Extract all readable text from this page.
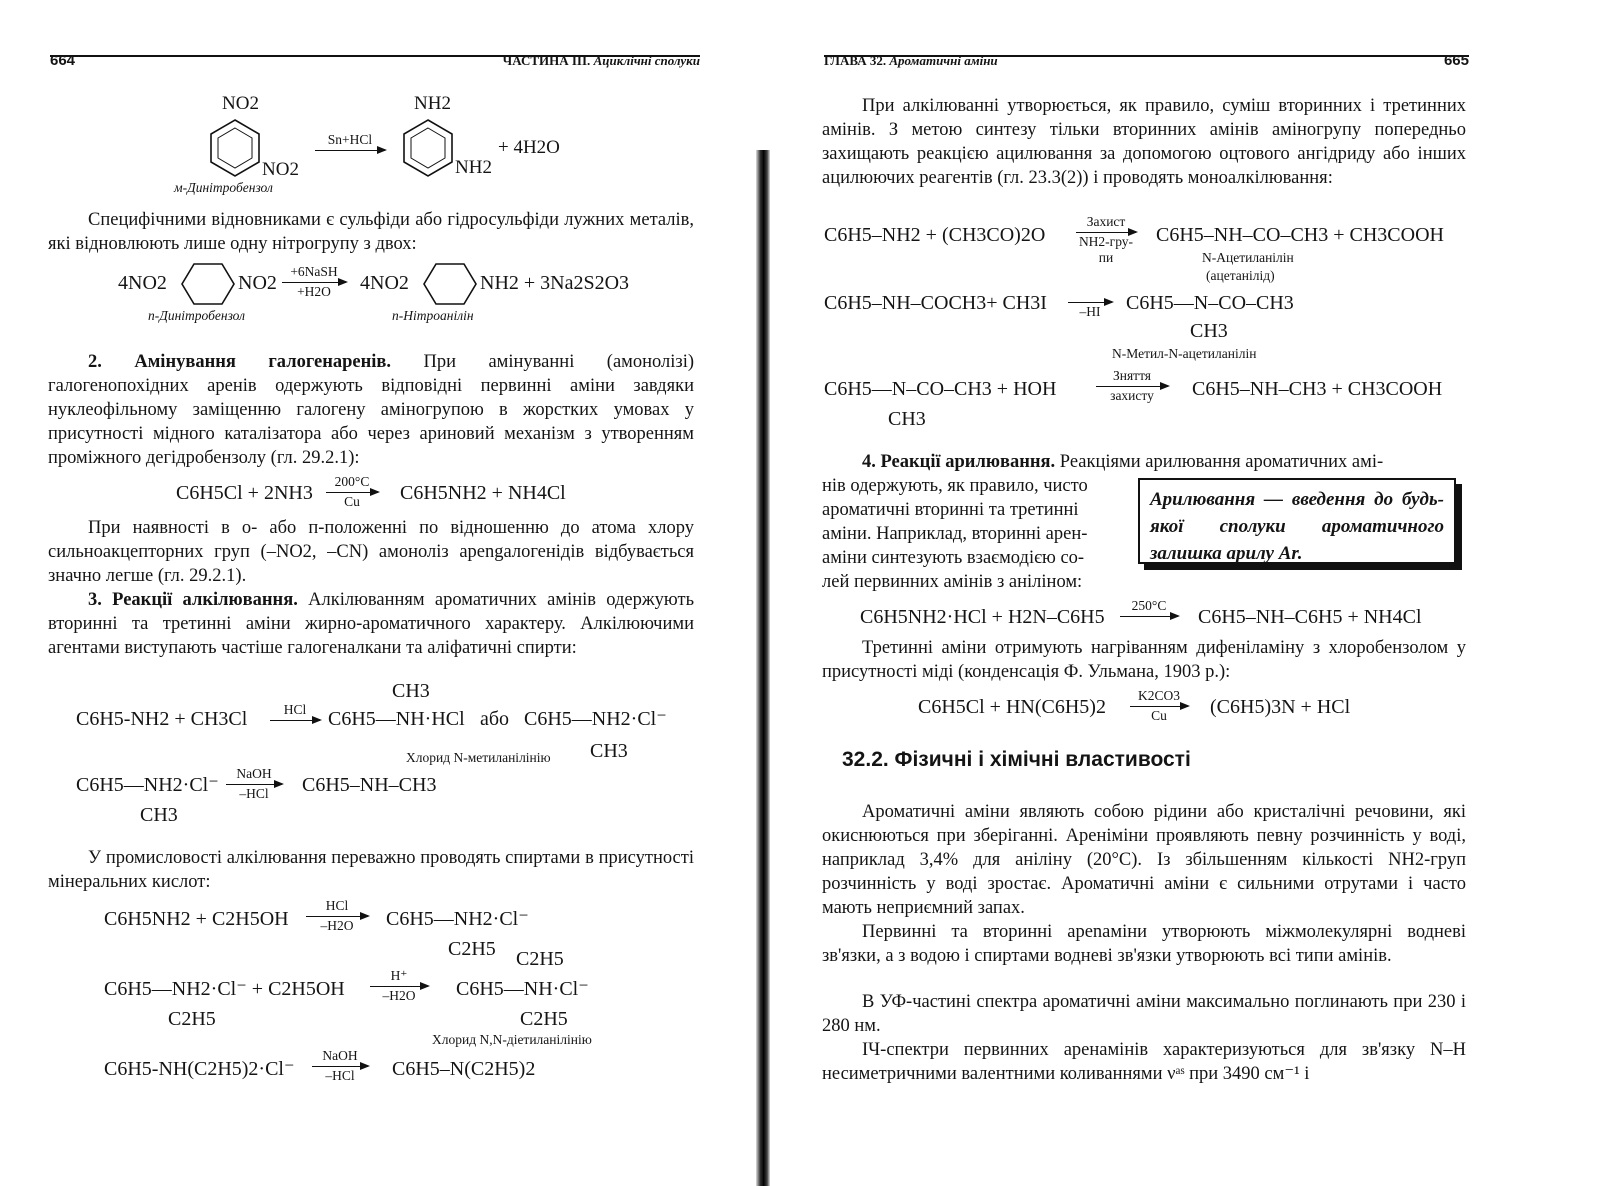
664	ЧАСТИНА III. Ациклічні сполуки
NO2
NO2
м-Динітробензол
Sn+HCl
NH2
NH2
+ 4H2O
Специфічними відновниками є сульфіди або гідросульфіди лужних металів, які відновлюють лише одну нітрогрупу з двох:
4NO2	NO2
+6NaSH
+H2O	4NO2	NH2 + 3Na2S2O3
п-Динітробензол	п-Нітроанілін
2. Амінування галогенаренів. При амінуванні (амонолізі) галогенопохідних аренів одержують відповідні первинні аміни завдяки нуклеофільному заміщенню галогену аміногрупою в жорстких умовах у присутності мідного каталізатора або через ариновий механізм з утворенням проміжного дегідробензолу (гл. 29.2.1):
C6H5Cl + 2NH3
200°C
Cu	C6H5NH2 + NH4Cl
При наявності в о- або п-положенні по відношенню до атома хлору сильноакцепторних груп (–NO2, –CN) амоноліз арengалогенідів відбувається значно легше (гл. 29.2.1).
3. Реакції алкілювання. Алкілюванням ароматичних амінів одержують вторинні та третинні аміни жирно-ароматичного характеру. Алкілюючими агентами виступають частіше галогеналкани та аліфатичні спирти:
CH3
C6H5-NH2 + CH3Cl	HCl → C6H5—NH·HCl або C6H5—NH2·Cl⁻
CH3
Хлорид N-метиланілінію
C6H5—NH2·Cl⁻
CH3
NaOH
–HCl	C6H5–NH–CH3
У промисловості алкілювання переважно проводять спиртами в присутності мінеральних кислот:
C6H5NH2 + C2H5OH
HCl
–H2O	C6H5—NH2·Cl⁻
C2H5 C2H5
C6H5—NH2·Cl⁻ + C2H5OH
C2H5
H⁺
–H2O	C6H5—NH·Cl⁻
C2H5
Хлорид N,N-діетиланілінію
C6H5-NH(C2H5)2·Cl⁻
NaOH
–HCl	C6H5–N(C2H5)2
ГЛАВА 32. Ароматичні аміни	665
При алкілюванні утворюється, як правило, суміш вторинних і третинних амінів. З метою синтезу тільки вторинних амінів аміногрупу попередньо захищають реакцією ацилювання за допомогою оцтового ангідриду або інших ацилюючих реагентів (гл. 23.3(2)) і проводять моноалкілювання:
C6H5–NH2 + (CH3CO)2O
Захист
NH2-гру-
пи
C6H5–NH–CO–CH3 + CH3COOH
N-Ацетиланілін
(ацетанілід)
C6H5–NH–COCH3+ CH3I →
–HI	C6H5—N–CO–CH3
CH3
N-Метил-N-ацетиланілін
C6H5—N–CO–CH3 + HOH
CH3
Зняття
захисту	C6H5–NH–CH3 + CH3COOH
4. Реакції арилювання. Реакціями арилювання ароматичних амі-
нів одержують, як правило, чисто
ароматичні вторинні та третинні
аміни. Наприклад, вторинні арен-
аміни синтезують взаємодією со-
лей первинних амінів з аніліном:
Арилювання — введення до будь-якої сполуки ароматичного залишка арилу Ar.
C6H5NH2·HCl + H2N–C6H5
250°C
→ C6H5–NH–C6H5 + NH4Cl
Третинні аміни отримують нагріванням дифеніламіну з хлоробензолом у присутності міді (конденсація Ф. Ульмана, 1903 р.):
C6H5Cl + HN(C6H5)2
K2CO3
Cu	(C6H5)3N + HCl
32.2. Фізичні і хімічні властивості
Ароматичні аміни являють собою рідини або кристалічні речовини, які окиснюються при зберіганні. Ареніміни проявляють певну розчинність у воді, наприклад 3,4% для аніліну (20°С). Із збільшенням кількості NH2-груп розчинність у воді зростає. Ароматичні аміни є сильними отрутами і часто мають неприємний запах.
Первинні та вторинні ареnаміни утворюють міжмолекулярні водневі зв'язки, а з водою і спиртами водневі зв'язки утворюють всі типи амінів.
В УФ-частині спектра ароматичні аміни максимально поглинають при 230 і 280 нм.
ІЧ-спектри первинних аренамінів характеризуються для зв'язку N–H несиметричними валентними коливаннями νᵃˢ при 3490 см⁻¹ і
